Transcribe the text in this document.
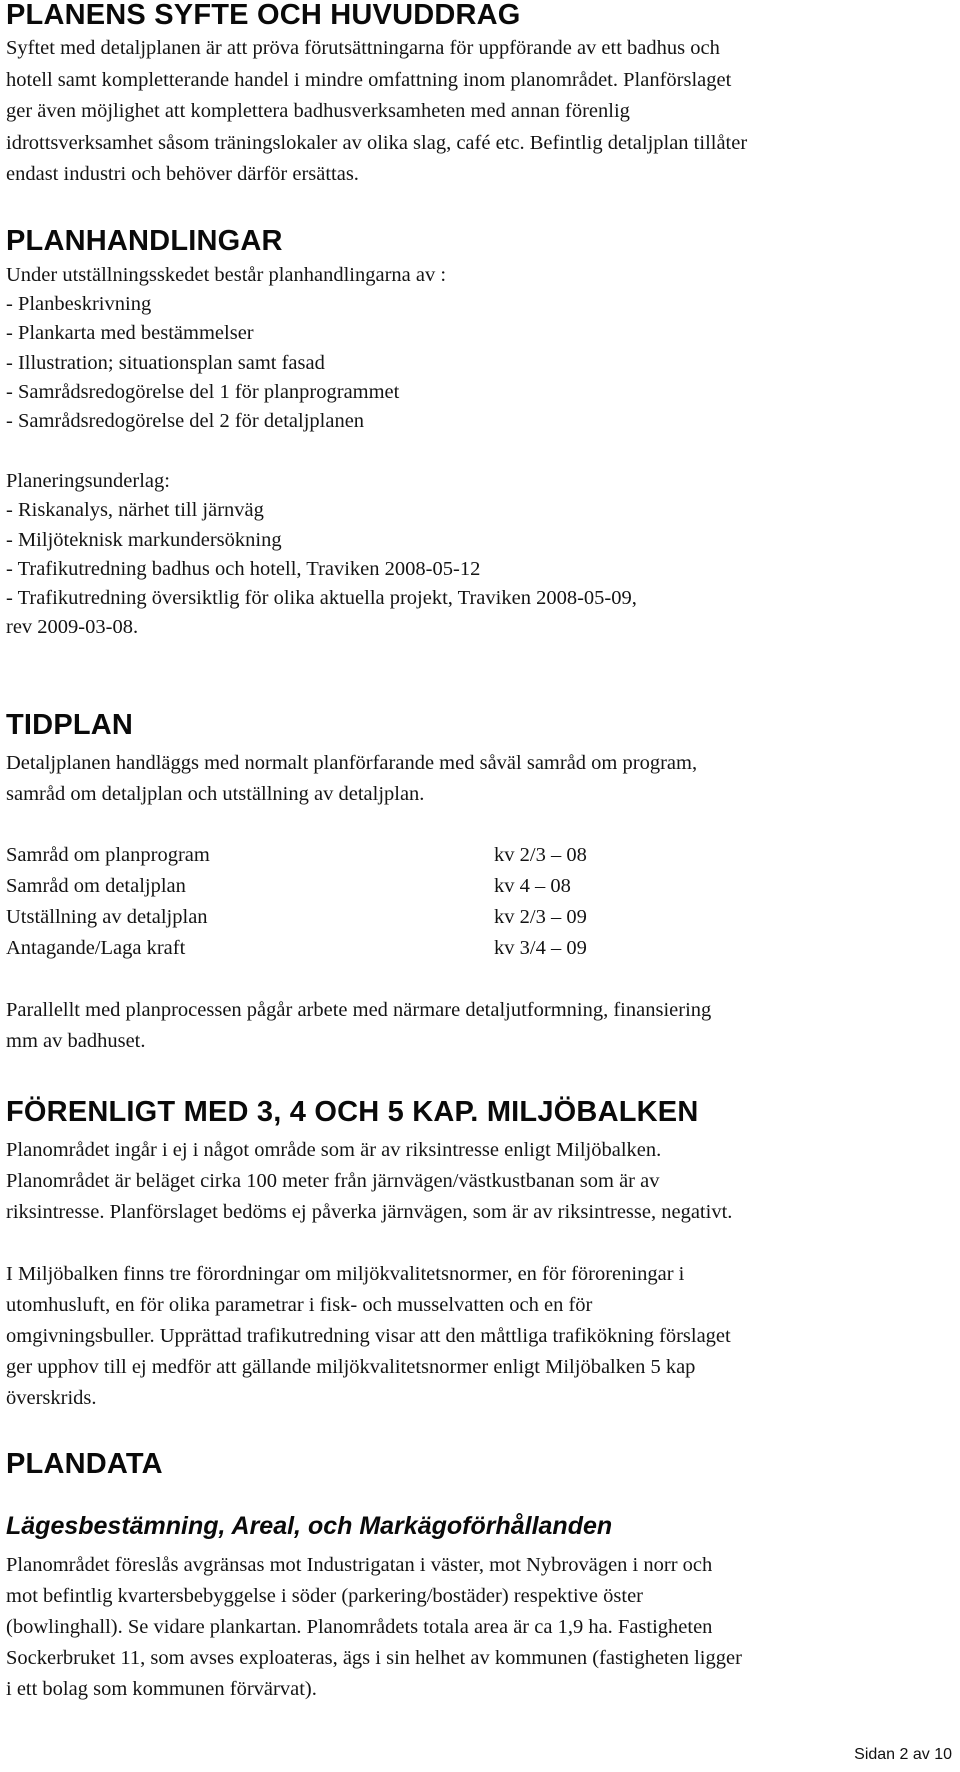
PLANENS SYFTE OCH HUVUDDRAG

Syftet med detaljplanen är att pröva förutsättningarna för uppförande av ett badhus och
hotell samt kompletterande handel i mindre omfattning inom planområdet. Planförslaget
ger även möjlighet att komplettera badhusverksamheten med annan förenlig
idrottsverksamhet såsom träningslokaler av olika slag, café etc. Befintlig detaljplan tillåter
endast industri och behöver därför ersättas.

PLANHANDLINGAR
Under utställningsskedet består planhandlingarna av :
- Planbeskrivning
- Plankarta med bestämmelser
- Illustration; situationsplan samt fasad
- Samrådsredogörelse del 1 för planprogrammet
- Samrådsredogörelse del 2 för detaljplanen
Planeringsunderlag:
- Riskanalys, närhet till järnväg
- Miljöteknisk markundersökning
- Trafikutredning badhus och hotell, Traviken 2008-05-12
- Trafikutredning översiktlig för olika aktuella projekt, Traviken 2008-05-09,
rev 2009-03-08.
TIDPLAN

Detaljplanen handläggs med normalt planförfarande med såväl samråd om program,
samråd om detaljplan och utställning av detaljplan.

Samråd om planprogram	kv 2/3 – 08
Samråd om detaljplan	kv 4 – 08
Utställning av detaljplan	kv 2/3 – 09
Antagande/Laga kraft	kv 3/4 – 09

Parallellt med planprocessen pågår arbete med närmare detaljutformning, finansiering
mm av badhuset.

FÖRENLIGT MED 3, 4 OCH 5 KAP. MILJÖBALKEN

Planområdet ingår i ej i något område som är av riksintresse enligt Miljöbalken.
Planområdet är beläget cirka 100 meter från järnvägen/västkustbanan som är av
riksintresse. Planförslaget bedöms ej påverka järnvägen, som är av riksintresse, negativt.

I Miljöbalken finns tre förordningar om miljökvalitetsnormer, en för föroreningar i
utomhusluft, en för olika parametrar i fisk- och musselvatten och en för
omgivningsbuller. Upprättad trafikutredning visar att den måttliga trafikökning förslaget
ger upphov till ej medför att gällande miljökvalitetsnormer enligt Miljöbalken 5 kap
överskrids.

PLANDATA
Lägesbestämning, Areal, och Markägoförhållanden

Planområdet föreslås avgränsas mot Industrigatan i väster, mot Nybrovägen i norr och
mot befintlig kvartersbebyggelse i söder (parkering/bostäder) respektive öster
(bowlinghall). Se vidare plankartan. Planområdets totala area är ca 1,9 ha. Fastigheten
Sockerbruket 11, som avses exploateras, ägs i sin helhet av kommunen (fastigheten ligger
i ett bolag som kommunen förvärvat).

Sidan 2 av 10
